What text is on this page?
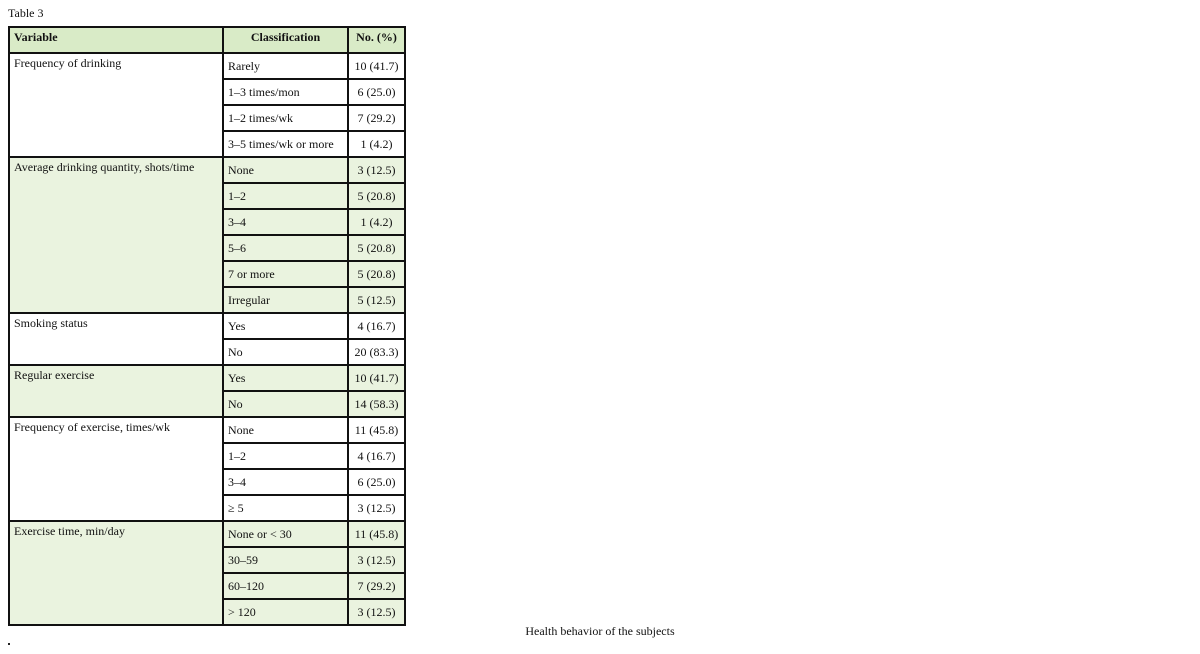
Table 3
Variable	Classification	No. (%)
Frequency of drinking	Rarely	10 (41.7)
	1–3 times/mon	6 (25.0)
	1–2 times/wk	7 (29.2)
	3–5 times/wk or more	1 (4.2)
Average drinking quantity, shots/time	None	3 (12.5)
	1–2	5 (20.8)
	3–4	1 (4.2)
	5–6	5 (20.8)
	7 or more	5 (20.8)
	Irregular	5 (12.5)
Smoking status	Yes	4 (16.7)
	No	20 (83.3)
Regular exercise	Yes	10 (41.7)
	No	14 (58.3)
Frequency of exercise, times/wk	None	11 (45.8)
	1–2	4 (16.7)
	3–4	6 (25.0)
	≥ 5	3 (12.5)
Exercise time, min/day	None or < 30	11 (45.8)
	30–59	3 (12.5)
	60–120	7 (29.2)
	> 120	3 (12.5)
Health behavior of the subjects
